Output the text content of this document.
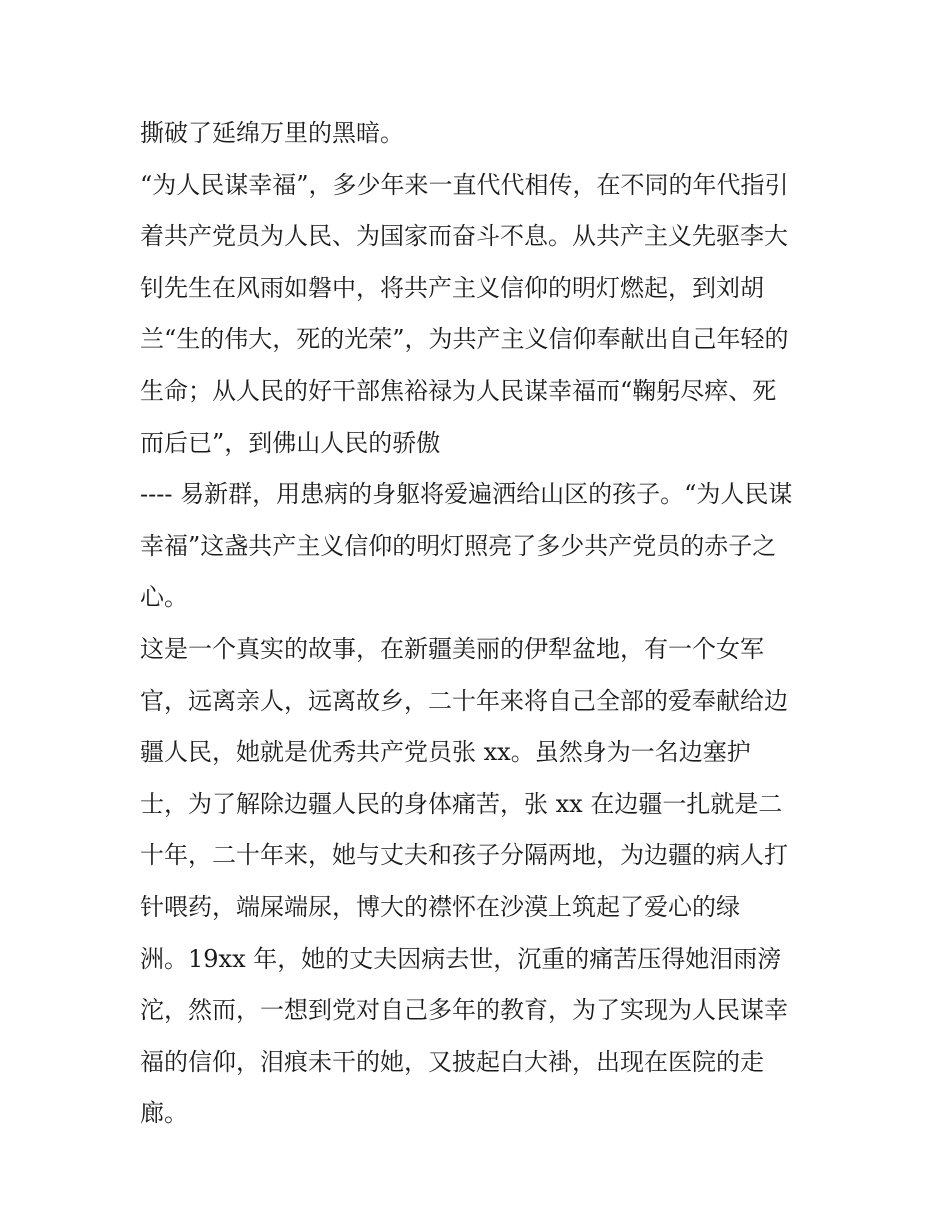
撕破了延绵万里的黑暗。
“为人民谋幸福”，多少年来一直代代相传，在不同的年代指引
着共产党员为人民、为国家而奋斗不息。从共产主义先驱李大
钊先生在风雨如磐中，将共产主义信仰的明灯燃起，到刘胡
兰“生的伟大，死的光荣”，为共产主义信仰奉献出自己年轻的
生命；从人民的好干部焦裕禄为人民谋幸福而“鞠躬尽瘁、死
而后已”，到佛山人民的骄傲
---- 易新群，用患病的身躯将爱遍洒给山区的孩子。“为人民谋
幸福”这盏共产主义信仰的明灯照亮了多少共产党员的赤子之
心。
这是一个真实的故事，在新疆美丽的伊犁盆地，有一个女军
官，远离亲人，远离故乡，二十年来将自己全部的爱奉献给边
疆人民，她就是优秀共产党员张 xx。虽然身为一名边塞护
士，为了解除边疆人民的身体痛苦，张 xx 在边疆一扎就是二
十年，二十年来，她与丈夫和孩子分隔两地，为边疆的病人打
针喂药，端屎端尿，博大的襟怀在沙漠上筑起了爱心的绿
洲。19xx 年，她的丈夫因病去世，沉重的痛苦压得她泪雨滂
沱，然而，一想到党对自己多年的教育，为了实现为人民谋幸
福的信仰，泪痕未干的她，又披起白大褂，出现在医院的走
廊。
